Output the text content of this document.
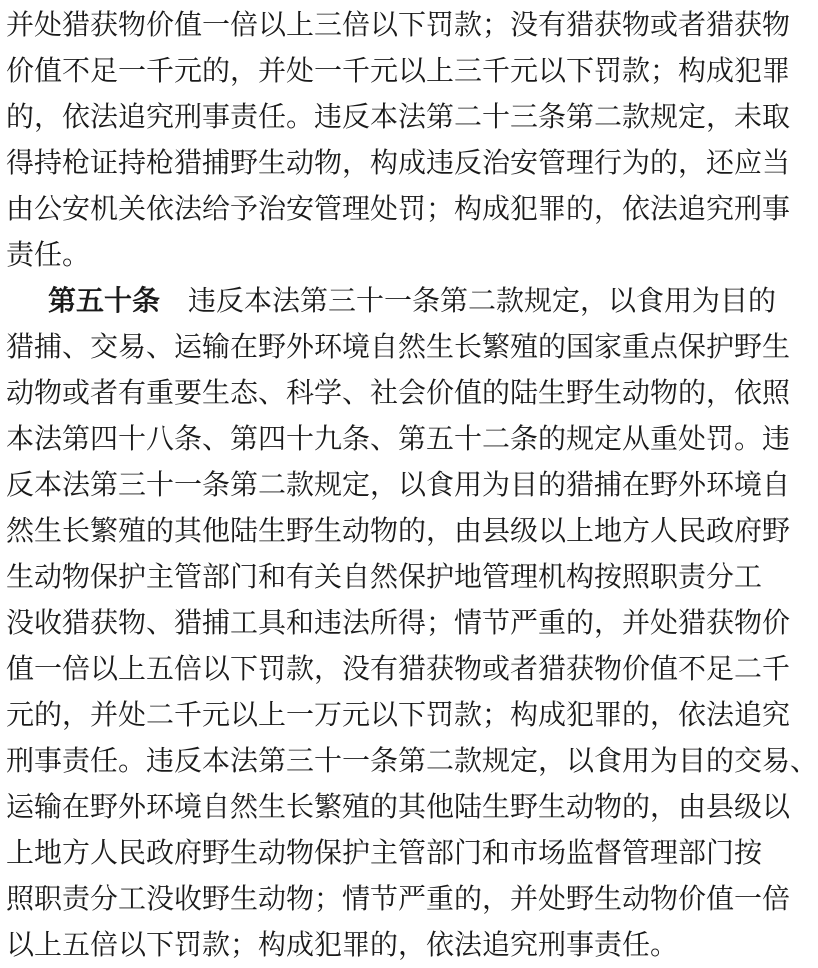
并处猎获物价值一倍以上三倍以下罚款；没有猎获物或者猎获物
价值不足一千元的，并处一千元以上三千元以下罚款；构成犯罪
的，依法追究刑事责任。违反本法第二十三条第二款规定，未取
得持枪证持枪猎捕野生动物，构成违反治安管理行为的，还应当
由公安机关依法给予治安管理处罚；构成犯罪的，依法追究刑事
责任。
第五十条 违反本法第三十一条第二款规定，以食用为目的
猎捕、交易、运输在野外环境自然生长繁殖的国家重点保护野生
动物或者有重要生态、科学、社会价值的陆生野生动物的，依照
本法第四十八条、第四十九条、第五十二条的规定从重处罚。违
反本法第三十一条第二款规定，以食用为目的猎捕在野外环境自
然生长繁殖的其他陆生野生动物的，由县级以上地方人民政府野
生动物保护主管部门和有关自然保护地管理机构按照职责分工
没收猎获物、猎捕工具和违法所得；情节严重的，并处猎获物价
值一倍以上五倍以下罚款，没有猎获物或者猎获物价值不足二千
元的，并处二千元以上一万元以下罚款；构成犯罪的，依法追究
刑事责任。违反本法第三十一条第二款规定，以食用为目的交易、
运输在野外环境自然生长繁殖的其他陆生野生动物的，由县级以
上地方人民政府野生动物保护主管部门和市场监督管理部门按
照职责分工没收野生动物；情节严重的，并处野生动物价值一倍
以上五倍以下罚款；构成犯罪的，依法追究刑事责任。
